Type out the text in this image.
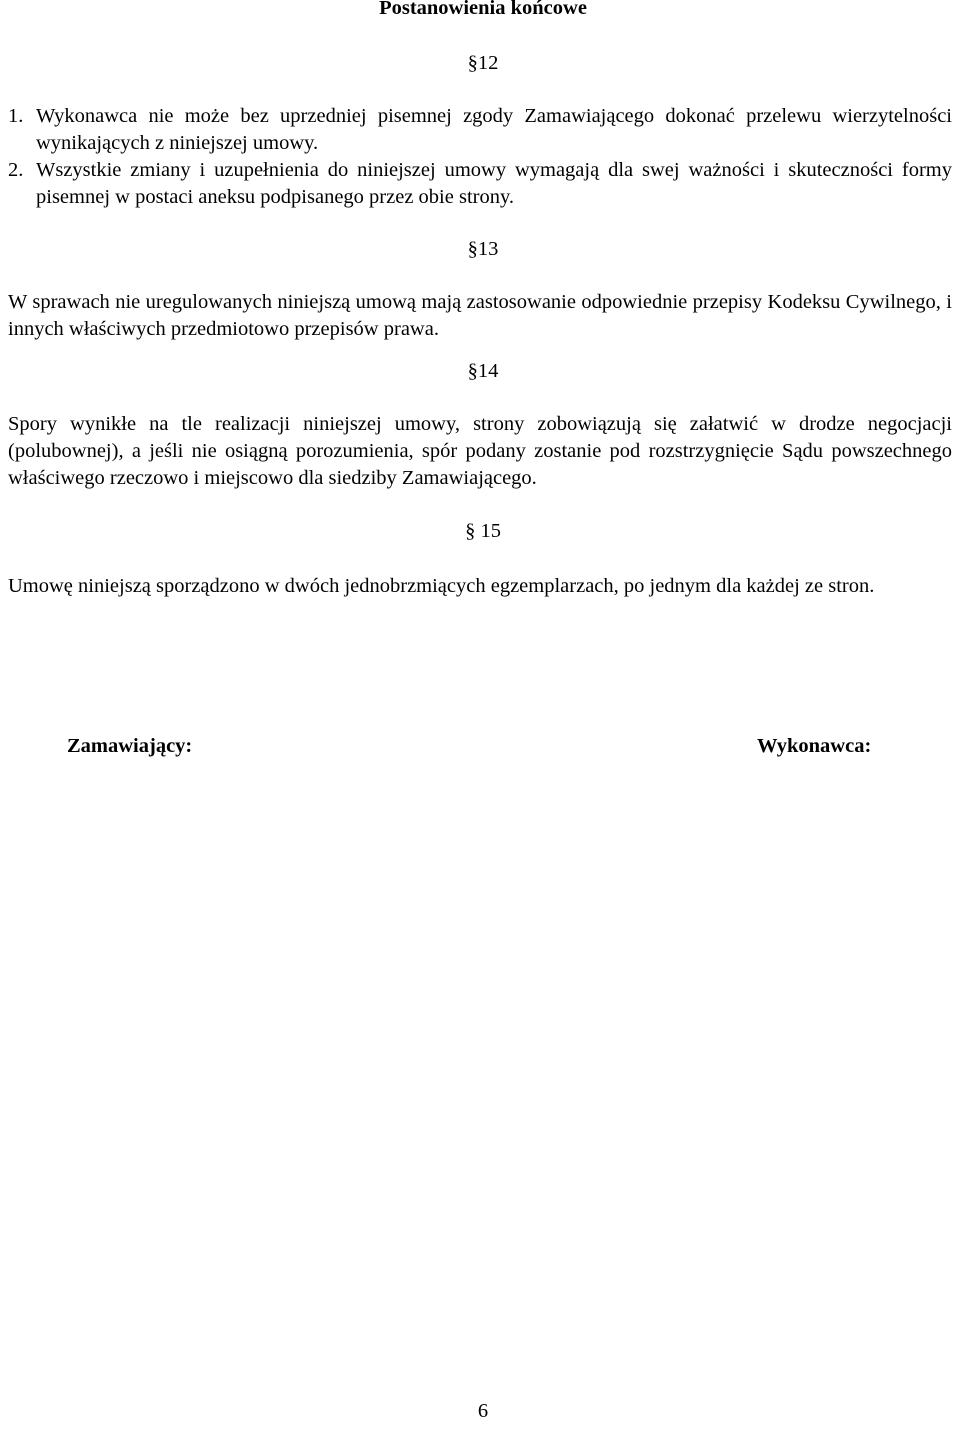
Postanowienia końcowe
§12
1. Wykonawca nie może bez uprzedniej pisemnej zgody Zamawiającego dokonać przelewu wierzytelności wynikających z niniejszej umowy.
2. Wszystkie zmiany i uzupełnienia do niniejszej umowy wymagają dla swej ważności i skuteczności formy pisemnej w postaci aneksu podpisanego przez obie strony.
§13
W sprawach nie uregulowanych niniejszą umową mają zastosowanie odpowiednie przepisy Kodeksu Cywilnego, i innych właściwych przedmiotowo przepisów prawa.
§14
Spory wynikłe na tle realizacji niniejszej umowy, strony zobowiązują się załatwić w drodze negocjacji (polubownej), a jeśli nie osiągną porozumienia, spór podany zostanie pod rozstrzygnięcie Sądu powszechnego właściwego rzeczowo i miejscowo dla siedziby Zamawiającego.
§ 15
Umowę niniejszą sporządzono w dwóch jednobrzmiących egzemplarzach, po jednym dla każdej ze stron.
Zamawiający:	Wykonawca:
6
